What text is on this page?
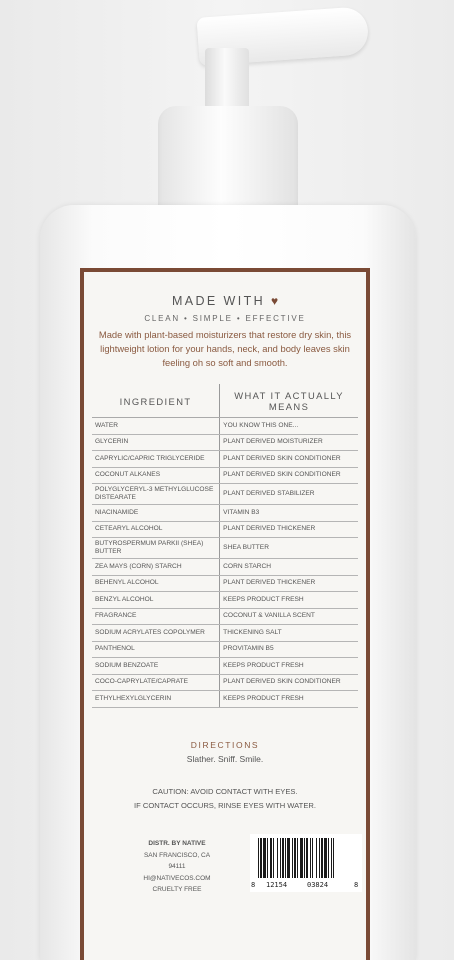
MADE WITH ♥
CLEAN • SIMPLE • EFFECTIVE
Made with plant-based moisturizers that restore dry skin, this lightweight lotion for your hands, neck, and body leaves skin feeling oh so soft and smooth.
INGREDIENT	WHAT IT ACTUALLY MEANS
WATER	YOU KNOW THIS ONE...
GLYCERIN	PLANT DERIVED MOISTURIZER
CAPRYLIC/CAPRIC TRIGLYCERIDE	PLANT DERIVED SKIN CONDITIONER
COCONUT ALKANES	PLANT DERIVED SKIN CONDITIONER
POLYGLYCERYL-3 METHYLGLUCOSE DISTEARATE	PLANT DERIVED STABILIZER
NIACINAMIDE	VITAMIN B3
CETEARYL ALCOHOL	PLANT DERIVED THICKENER
BUTYROSPERMUM PARKII (SHEA) BUTTER	SHEA BUTTER
ZEA MAYS (CORN) STARCH	CORN STARCH
BEHENYL ALCOHOL	PLANT DERIVED THICKENER
BENZYL ALCOHOL	KEEPS PRODUCT FRESH
FRAGRANCE	COCONUT & VANILLA SCENT
SODIUM ACRYLATES COPOLYMER	THICKENING SALT
PANTHENOL	PROVITAMIN B5
SODIUM BENZOATE	KEEPS PRODUCT FRESH
COCO-CAPRYLATE/CAPRATE	PLANT DERIVED SKIN CONDITIONER
ETHYLHEXYLGLYCERIN	KEEPS PRODUCT FRESH
DIRECTIONS
Slather. Sniff. Smile.
CAUTION: AVOID CONTACT WITH EYES.
IF CONTACT OCCURS, RINSE EYES WITH WATER.
DISTR. BY NATIVE
SAN FRANCISCO, CA 94111
HI@NATIVECOS.COM
CRUELTY FREE
8 12154	03824	8
